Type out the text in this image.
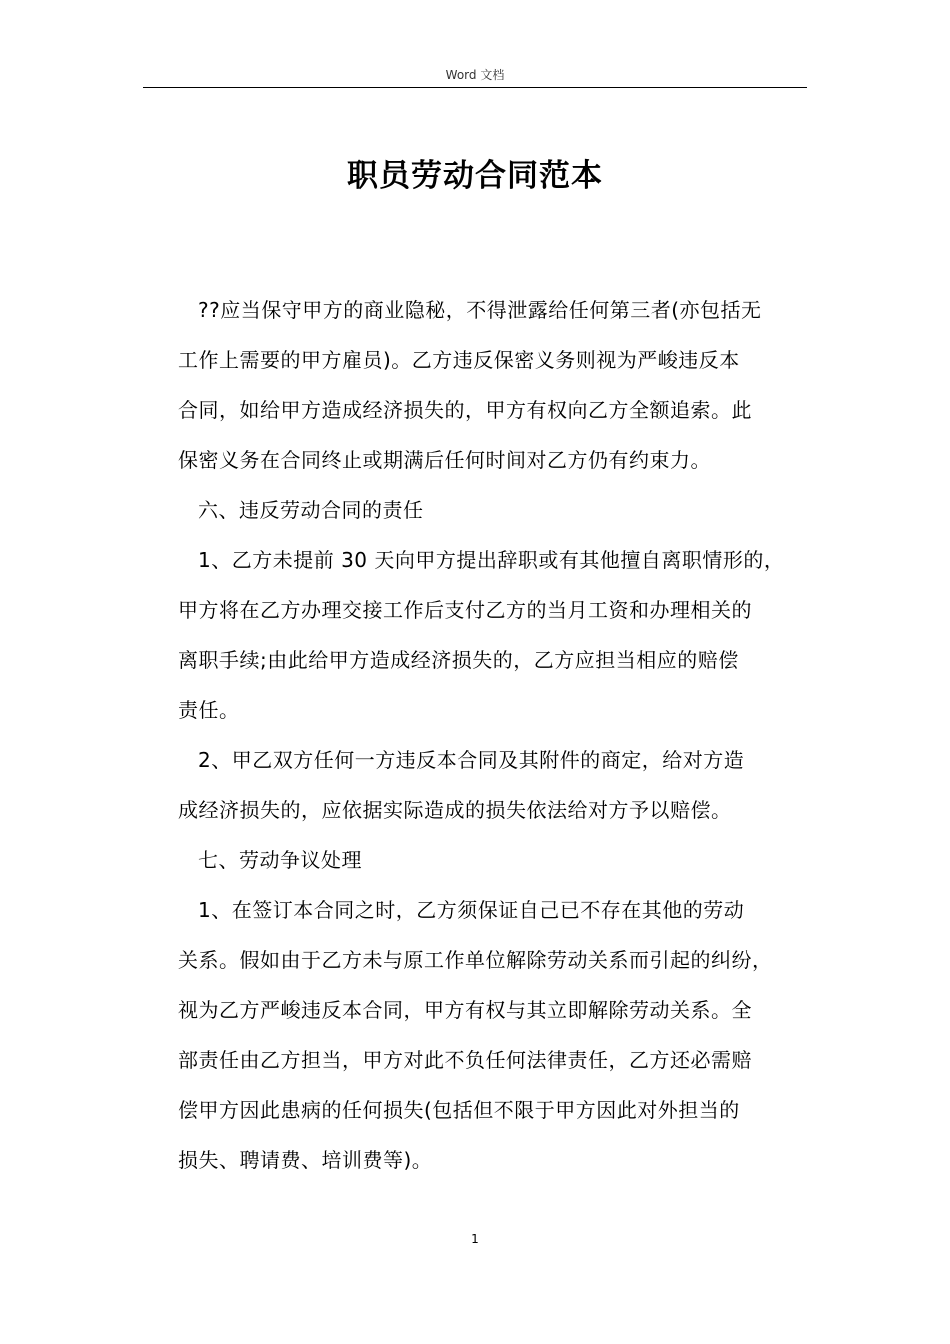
Word 文档
职员劳动合同范本
??应当保守甲方的商业隐秘，不得泄露给任何第三者(亦包括无
工作上需要的甲方雇员)。乙方违反保密义务则视为严峻违反本
合同，如给甲方造成经济损失的，甲方有权向乙方全额追索。此
保密义务在合同终止或期满后任何时间对乙方仍有约束力。
六、违反劳动合同的责任
1、乙方未提前 30 天向甲方提出辞职或有其他擅自离职情形的，
甲方将在乙方办理交接工作后支付乙方的当月工资和办理相关的
离职手续;由此给甲方造成经济损失的，乙方应担当相应的赔偿
责任。
2、甲乙双方任何一方违反本合同及其附件的商定，给对方造
成经济损失的，应依据实际造成的损失依法给对方予以赔偿。
七、劳动争议处理
1、在签订本合同之时，乙方须保证自己已不存在其他的劳动
关系。假如由于乙方未与原工作单位解除劳动关系而引起的纠纷，
视为乙方严峻违反本合同，甲方有权与其立即解除劳动关系。全
部责任由乙方担当，甲方对此不负任何法律责任，乙方还必需赔
偿甲方因此患病的任何损失(包括但不限于甲方因此对外担当的
损失、聘请费、培训费等)。
1
